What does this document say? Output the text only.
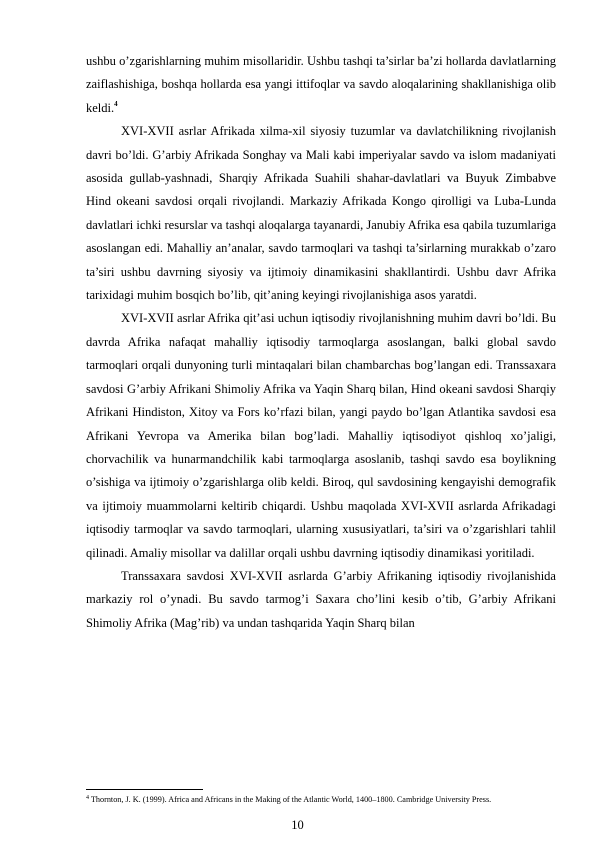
ushbu o’zgarishlarning muhim misollaridir. Ushbu tashqi ta’sirlar ba’zi hollarda davlatlarning zaiflashishiga, boshqa hollarda esa yangi ittifoqlar va savdo aloqalarining shakllanishiga olib keldi.$^4$

XVI-XVII asrlar Afrikada xilma-xil siyosiy tuzumlar va davlatchilikning rivojlanish davri bo’ldi. G’arbiy Afrikada Songhay va Mali kabi imperiyalar savdo va islom madaniyati asosida gullab-yashnadi, Sharqiy Afrikada Suahili shahar-davlatlari va Buyuk Zimbabve Hind okeani savdosi orqali rivojlandi. Markaziy Afrikada Kongo qirolligi va Luba-Lunda davlatlari ichki resurslar va tashqi aloqalarga tayanardi, Janubiy Afrika esa qabila tuzumlariga asoslangan edi. Mahalliy an’analar, savdo tarmoqlari va tashqi ta’sirlarning murakkab o’zaro ta’siri ushbu davrning siyosiy va ijtimoiy dinamikasini shakllantirdi. Ushbu davr Afrika tarixidagi muhim bosqich bo’lib, qit’aning keyingi rivojlanishiga asos yaratdi.

XVI-XVII asrlar Afrika qit’asi uchun iqtisodiy rivojlanishning muhim davri bo’ldi. Bu davrda Afrika nafaqat mahalliy iqtisodiy tarmoqlarga asoslangan, balki global savdo tarmoqlari orqali dunyoning turli mintaqalari bilan chambarchas bog’langan edi. Transsaxara savdosi G’arbiy Afrikani Shimoliy Afrika va Yaqin Sharq bilan, Hind okeani savdosi Sharqiy Afrikani Hindiston, Xitoy va Fors ko’rfazi bilan, yangi paydo bo’lgan Atlantika savdosi esa Afrikani Yevropa va Amerika bilan bog’ladi. Mahalliy iqtisodiyot qishloq xo’jaligi, chorvachilik va hunarmandchilik kabi tarmoqlarga asoslanib, tashqi savdo esa boylikning o’sishiga va ijtimoiy o’zgarishlarga olib keldi. Biroq, qul savdosining kengayishi demografik va ijtimoiy muammolarni keltirib chiqardi. Ushbu maqolada XVI-XVII asrlarda Afrikadagi iqtisodiy tarmoqlar va savdo tarmoqlari, ularning xususiyatlari, ta’siri va o’zgarishlari tahlil qilinadi. Amaliy misollar va dalillar orqali ushbu davrning iqtisodiy dinamikasi yoritiladi.

Transsaxara savdosi XVI-XVII asrlarda G’arbiy Afrikaning iqtisodiy rivojlanishida markaziy rol o’ynadi. Bu savdo tarmog’i Saxara cho’lini kesib o’tib, G’arbiy Afrikani Shimoliy Afrika (Mag’rib) va undan tashqarida Yaqin Sharq bilan

$^4$ Thornton, J. K. (1999). Africa and Africans in the Making of the Atlantic World, 1400–1800. Cambridge University Press.

10
